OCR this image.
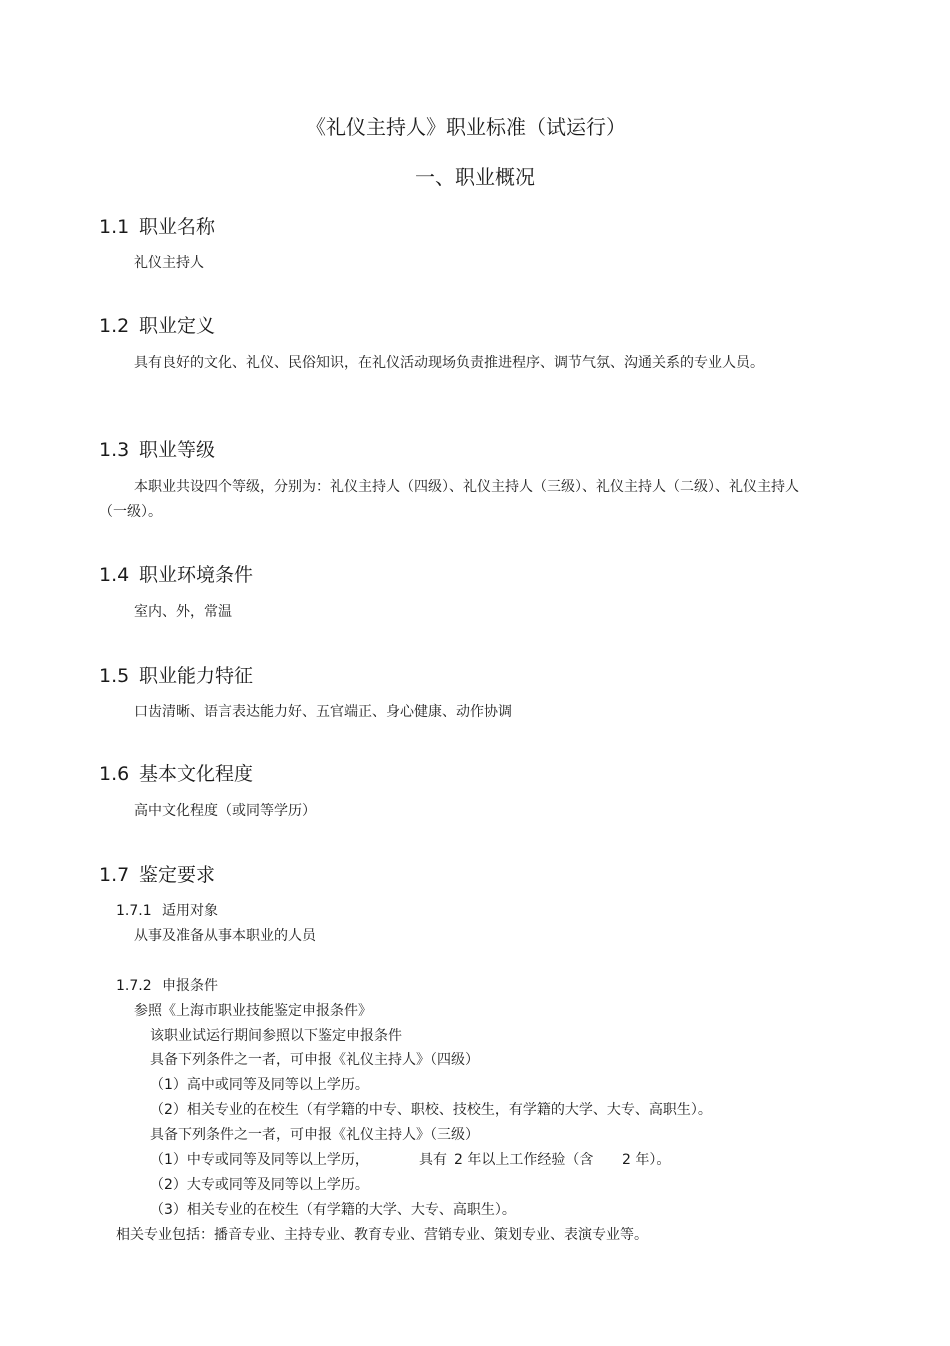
《礼仪主持人》职业标准（试运行）
一、职业概况
1.1 职业名称
礼仪主持人
1.2 职业定义
具有良好的文化、礼仪、民俗知识，在礼仪活动现场负责推进程序、调节气氛、沟通关系的专业人员。
1.3 职业等级
本职业共设四个等级，分别为：礼仪主持人（四级）、礼仪主持人（三级）、礼仪主持人（二级）、礼仪主持人（一级）。
1.4 职业环境条件
室内、外，常温
1.5 职业能力特征
口齿清晰、语言表达能力好、五官端正、身心健康、动作协调
1.6 基本文化程度
高中文化程度（或同等学历）
1.7 鉴定要求
1.7.1 适用对象
从事及准备从事本职业的人员
1.7.2 申报条件
参照《上海市职业技能鉴定申报条件》
该职业试运行期间参照以下鉴定申报条件
具备下列条件之一者，可申报《礼仪主持人》（四级）
（1）高中或同等及同等以上学历。
（2）相关专业的在校生（有学籍的中专、职校、技校生，有学籍的大学、大专、高职生）。
具备下列条件之一者，可申报《礼仪主持人》（三级）
（1）中专或同等及同等以上学历，	具有 2 年以上工作经验（含 2 年）。
（2）大专或同等及同等以上学历。
（3）相关专业的在校生（有学籍的大学、大专、高职生）。
相关专业包括：播音专业、主持专业、教育专业、营销专业、策划专业、表演专业等。
